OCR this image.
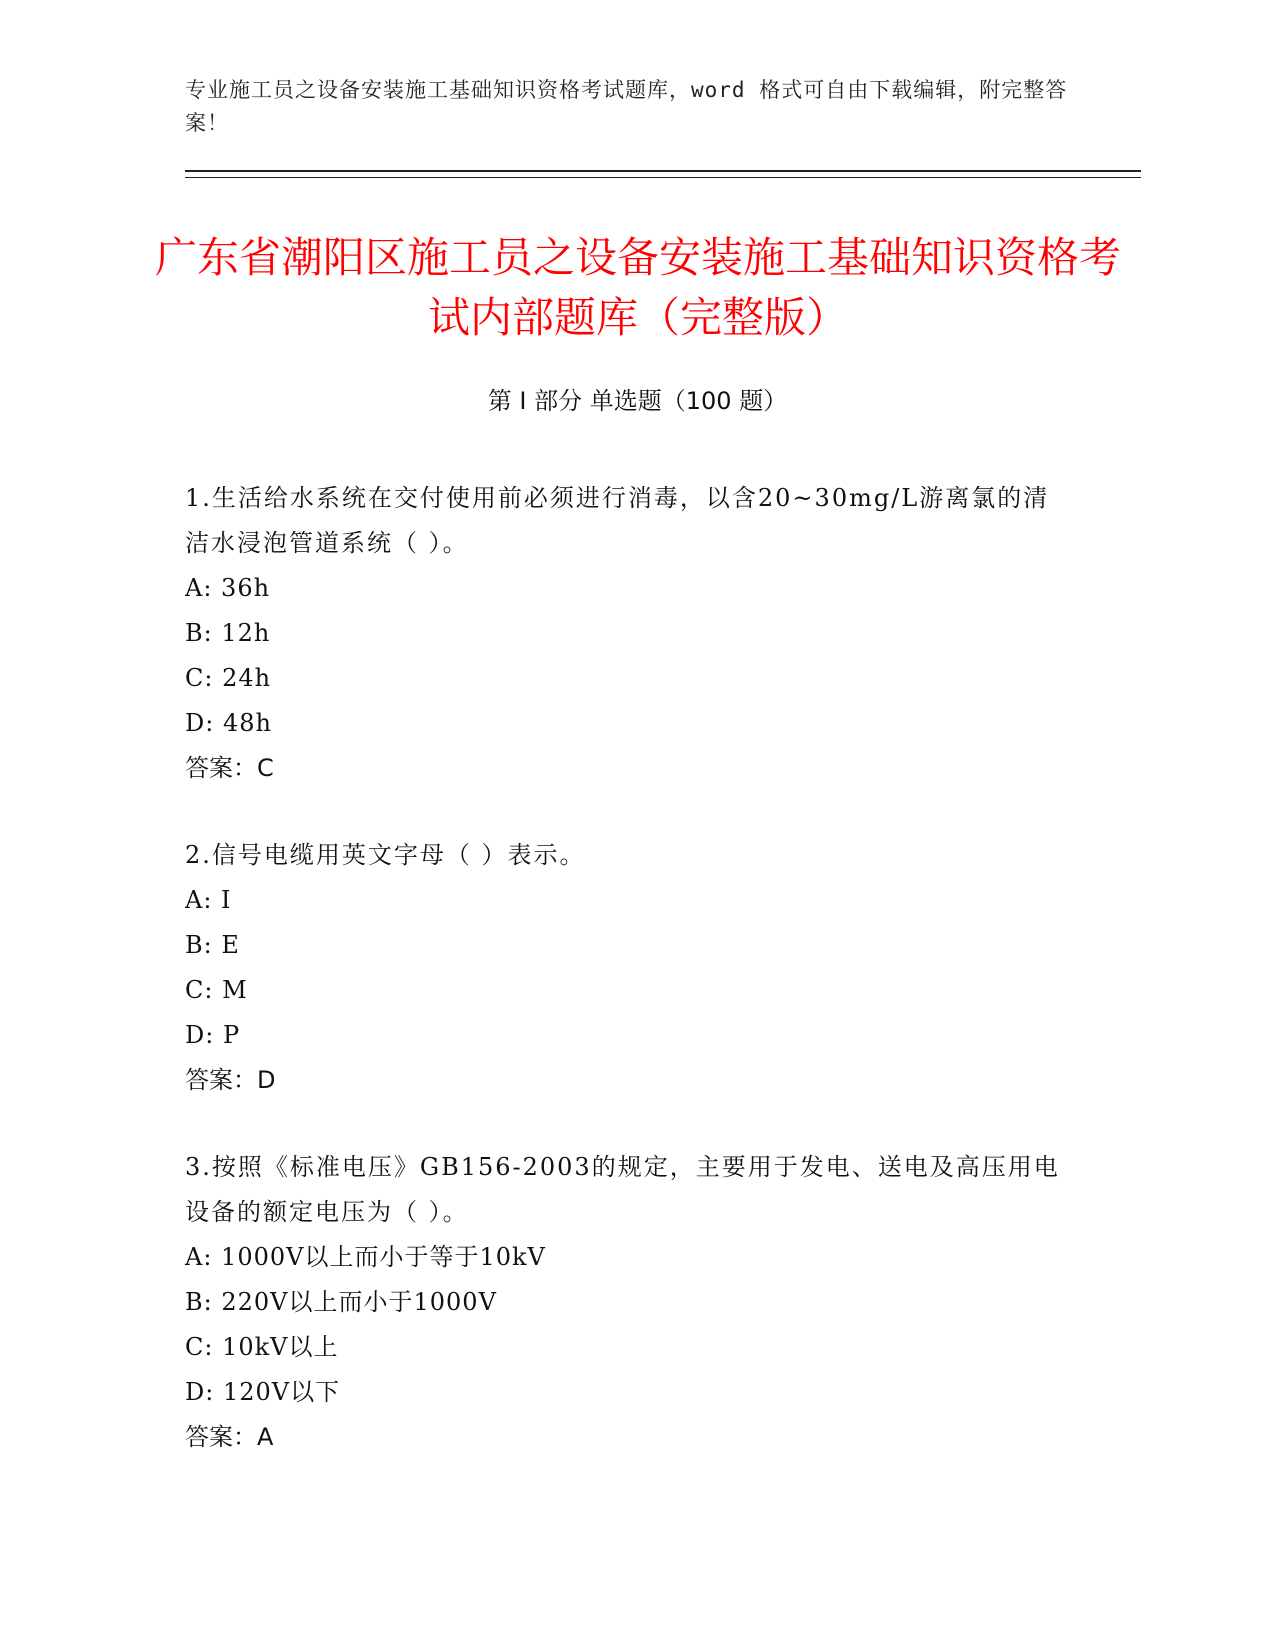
专业施工员之设备安装施工基础知识资格考试题库，word 格式可自由下载编辑，附完整答案！
广东省潮阳区施工员之设备安装施工基础知识资格考试内部题库（完整版）
第 I 部分 单选题（100 题）

1.生活给水系统在交付使用前必须进行消毒，以含20~30mg/L游离氯的清洁水浸泡管道系统（ ）。

A: 36h

B: 12h

C: 24h

D: 48h

答案：C

2.信号电缆用英文字母（ ）表示。

A: I

B: E

C: M

D: P

答案：D

3.按照《标准电压》GB156-2003的规定，主要用于发电、送电及高压用电设备的额定电压为（ ）。

A: 1000V以上而小于等于10kV

B: 220V以上而小于1000V

C: 10kV以上

D: 120V以下

答案：A
